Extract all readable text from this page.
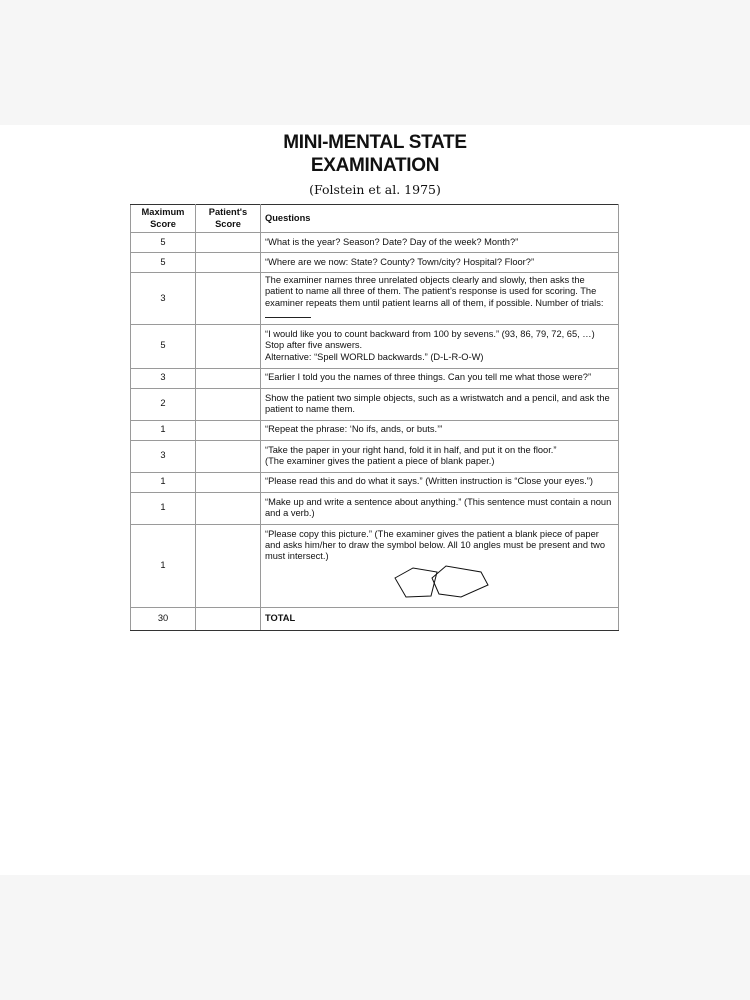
MINI-MENTAL STATE
EXAMINATION
(Folstein et al. 1975)
Maximum Score	Patient's Score	Questions
5		“What is the year? Season? Date? Day of the week? Month?”
5		“Where are we now: State? County? Town/city? Hospital? Floor?”
3		The examiner names three unrelated objects clearly and slowly, then asks the patient to name all three of them. The patient’s response is used for scoring. The examiner repeats them until patient learns all of them, if possible. Number of trials:
5		“I would like you to count backward from 100 by sevens.” (93, 86, 79, 72, 65, …) Stop after five answers.
Alternative: “Spell WORLD backwards.” (D-L-R-O-W)

3		“Earlier I told you the names of three things. Can you tell me what those were?”
2		Show the patient two simple objects, such as a wristwatch and a pencil, and ask the patient to name them.
1		“Repeat the phrase: ‘No ifs, ands, or buts.’”
3		“Take the paper in your right hand, fold it in half, and put it on the floor.”
(The examiner gives the patient a piece of blank paper.)

1		“Please read this and do what it says.” (Written instruction is “Close your eyes.”)
1		“Make up and write a sentence about anything.” (This sentence must contain a noun and a verb.)
1		“Please copy this picture.” (The examiner gives the patient a blank piece of paper and asks him/her to draw the symbol below. All 10 angles must be present and two must intersect.)

30		TOTAL
